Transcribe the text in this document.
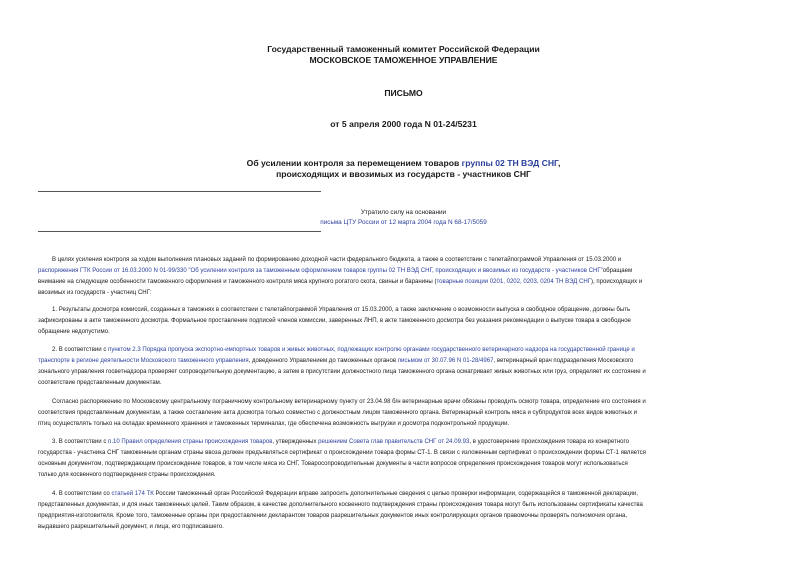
Государственный таможенный комитет Российской Федерации
МОСКОВСКОЕ ТАМОЖЕННОЕ УПРАВЛЕНИЕ
ПИСЬМО
от 5 апреля 2000 года N 01-24/5231
Об усилении контроля за перемещением товаров группы 02 ТН ВЭД СНГ,
происходящих и ввозимых из государств - участников СНГ
Утратило силу на основании
письма ЦТУ России от 12 марта 2004 года N 68-17/5059
В целях усиления контроля за ходом выполнения плановых заданий по формированию доходной части федерального бюджета, а также в соответствии с телетайпограммой Управления от 15.03.2000 и
распоряжения ГТК России от 16.03.2000 N 01-99/330 "Об усилении контроля за таможенным оформлением товаров группы 02 ТН ВЭД СНГ, происходящих и ввозимых из государств - участников СНГ"обращаем
внимание на следующие особенности таможенного оформления и таможенного контроля мяса крупного рогатого скота, свиньи и баранины (товарные позиции 0201, 0202, 0203, 0204 ТН ВЭД СНГ), происходящих и
ввозимых из государств - участниц СНГ:
1. Результаты досмотра комиссий, созданных в таможнях в соответствии с телетайпограммой Управления от 15.03.2000, а также заключение о возможности выпуска в свободное обращение, должны быть
зафиксированы в акте таможенного досмотра. Формальное проставление подписей членов комиссии, заверенных ЛНП, в акте таможенного досмотра без указания рекомендации о выпуске товара в свободное
обращение недопустимо.
2. В соответствии с пунктом 2.3 Порядка пропуска экспортно-импортных товаров и живых животных, подлежащих контролю органами государственного ветеринарного надзора на государственной границе и
транспорте в регионе деятельности Московского таможенного управления, доведенного Управлением до таможенных органов письмом от 30.07.96 N 01-28/4967, ветеринарный врач подразделения Московского
зонального управления госветнадзора проверяет сопроводительную документацию, а затем в присутствии должностного лица таможенного органа осматривает живых животных или груз, определяет их состояние и
соответствие представленным документам.
Согласно распоряжению по Московскому центральному пограничному контрольному ветеринарному пункту от 23.04.98 б/н ветеринарные врачи обязаны проводить осмотр товара, определение его состояния и
соответствия представленным документам, а также составление акта досмотра только совместно с должностным лицом таможенного органа. Ветеринарный контроль мяса и субпродуктов всех видов животных и
птиц осуществлять только на складах временного хранения и таможенных терминалах, где обеспечена возможность выгрузки и досмотра подконтрольной продукции.
3. В соответствии с п.10 Правил определения страны происхождения товаров, утвержденных решением Совета глав правительств СНГ от 24.09.93, в удостоверение происхождения товара из конкретного
государства - участника СНГ таможенным органам страны ввоза должен предъявляться сертификат о происхождении товара формы СТ-1. В связи с изложенным сертификат о происхождении формы СТ-1 является
основным документом, подтверждающим происхождение товаров, в том числе мяса из СНГ. Товаросопроводительные документы в части вопросов определения происхождения товаров могут использоваться
только для косвенного подтверждения страны происхождения.
4. В соответствии со статьей 174 ТК России таможенный орган Российской Федерации вправе запросить дополнительные сведения с целью проверки информации, содержащейся в таможенной декларации,
представленных документах, и для иных таможенных целей. Таким образом, в качестве дополнительного косвенного подтверждения страны происхождения товара могут быть использованы сертификаты качества
предприятия-изготовителя. Кроме того, таможенные органы при предоставлении декларантом товаров разрешительных документов иных контролирующих органов правомочны проверять полномочия органа,
выдавшего разрешительный документ, и лица, его подписавшего.
